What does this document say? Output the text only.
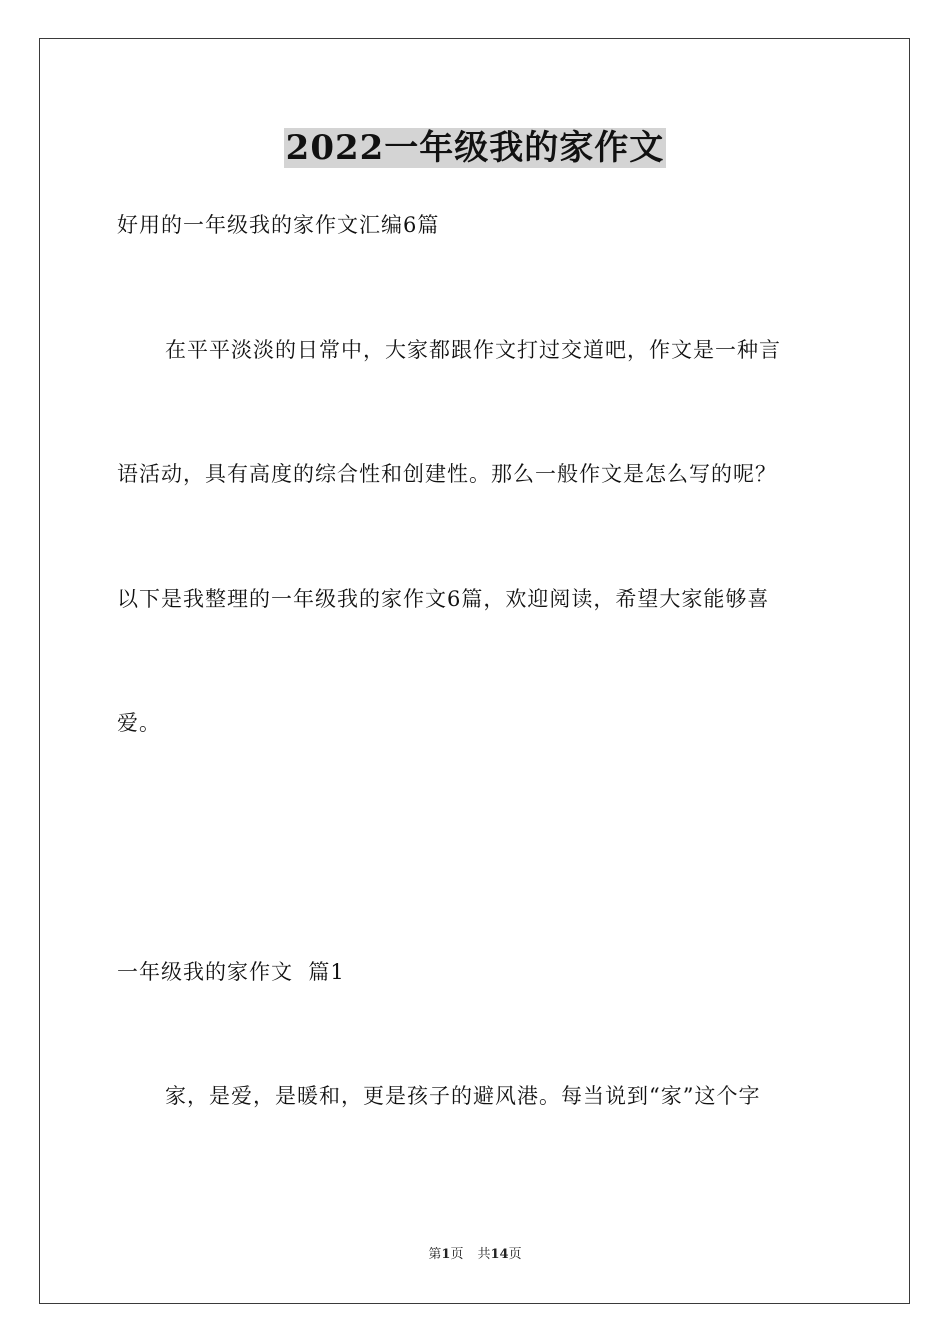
2022一年级我的家作文
好用的一年级我的家作文汇编6篇
在平平淡淡的日常中，大家都跟作文打过交道吧，作文是一种言
语活动，具有高度的综合性和创建性。那么一般作文是怎么写的呢？
以下是我整理的一年级我的家作文6篇，欢迎阅读，希望大家能够喜
爱。
一年级我的家作文  篇1
家，是爱，是暖和，更是孩子的避风港。每当说到“家”这个字
第1页 共14页
